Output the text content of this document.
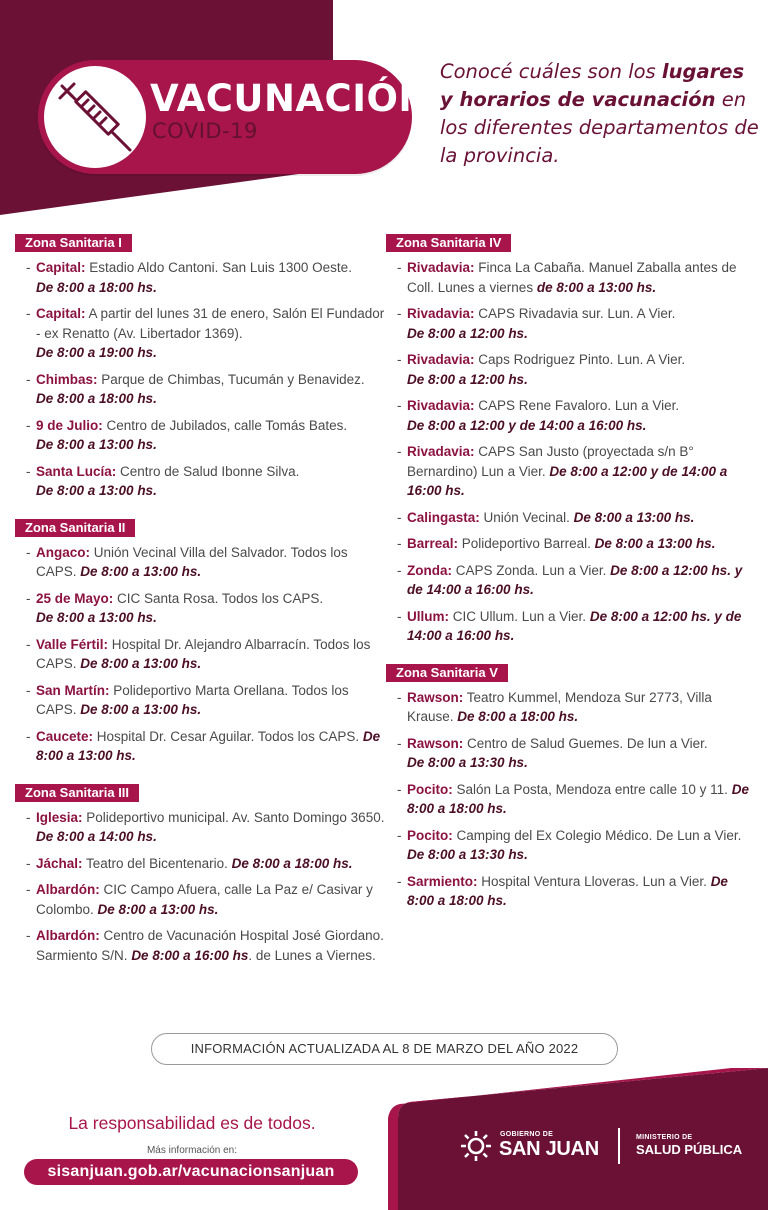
VACUNACIÓN
COVID-19
Conocé cuáles son los lugares y horarios de vacunación en los diferentes departamentos de la provincia.
Zona Sanitaria I
- Capital: Estadio Aldo Cantoni. San Luis 1300 Oeste.
De 8:00 a 18:00 hs.
- Capital: A partir del lunes 31 de enero, Salón El Fundador - ex Renatto (Av. Libertador 1369).
De 8:00 a 19:00 hs.
- Chimbas: Parque de Chimbas, Tucumán y Benavidez. De 8:00 a 18:00 hs.
- 9 de Julio: Centro de Jubilados, calle Tomás Bates.
De 8:00 a 13:00 hs.
- Santa Lucía: Centro de Salud Ibonne Silva.
De 8:00 a 13:00 hs.
Zona Sanitaria II
- Angaco: Unión Vecinal Villa del Salvador. Todos los CAPS. De 8:00 a 13:00 hs.
- 25 de Mayo: CIC Santa Rosa. Todos los CAPS.
De 8:00 a 13:00 hs.
- Valle Fértil: Hospital Dr. Alejandro Albarracín. Todos los CAPS. De 8:00 a 13:00 hs.
- San Martín: Polideportivo Marta Orellana. Todos los CAPS. De 8:00 a 13:00 hs.
- Caucete: Hospital Dr. Cesar Aguilar. Todos los CAPS. De 8:00 a 13:00 hs.
Zona Sanitaria III
- Iglesia: Polideportivo municipal. Av. Santo Domingo 3650. De 8:00 a 14:00 hs.
- Jáchal: Teatro del Bicentenario. De 8:00 a 18:00 hs.
- Albardón: CIC Campo Afuera, calle La Paz e/ Casivar y Colombo. De 8:00 a 13:00 hs.
- Albardón: Centro de Vacunación Hospital José Giordano. Sarmiento S/N. De 8:00 a 16:00 hs. de Lunes a Viernes.
Zona Sanitaria IV
- Rivadavia: Finca La Cabaña. Manuel Zaballa antes de Coll. Lunes a viernes de 8:00 a 13:00 hs.
- Rivadavia: CAPS Rivadavia sur. Lun. A Vier.
De 8:00 a 12:00 hs.
- Rivadavia: Caps Rodriguez Pinto. Lun. A Vier.
De 8:00 a 12:00 hs.
- Rivadavia: CAPS Rene Favaloro. Lun a Vier.
De 8:00 a 12:00 y de 14:00 a 16:00 hs.
- Rivadavia: CAPS San Justo (proyectada s/n B° Bernardino) Lun a Vier. De 8:00 a 12:00 y de 14:00 a 16:00 hs.
- Calingasta: Unión Vecinal. De 8:00 a 13:00 hs.
- Barreal: Polideportivo Barreal. De 8:00 a 13:00 hs.
- Zonda: CAPS Zonda. Lun a Vier. De 8:00 a 12:00 hs. y de 14:00 a 16:00 hs.
- Ullum: CIC Ullum. Lun a Vier. De 8:00 a 12:00 hs. y de 14:00 a 16:00 hs.
Zona Sanitaria V
- Rawson: Teatro Kummel, Mendoza Sur 2773, Villa Krause. De 8:00 a 18:00 hs.
- Rawson: Centro de Salud Guemes. De lun a Vier.
De 8:00 a 13:30 hs.
- Pocito: Salón La Posta, Mendoza entre calle 10 y 11. De 8:00 a 18:00 hs.
- Pocito: Camping del Ex Colegio Médico. De Lun a Vier. De 8:00 a 13:30 hs.
- Sarmiento: Hospital Ventura Lloveras. Lun a Vier. De 8:00 a 18:00 hs.
INFORMACIÓN ACTUALIZADA AL 8 DE MARZO DEL AÑO 2022
La responsabilidad es de todos.
Más información en:
sisanjuan.gob.ar/vacunacionsanjuan
GOBIERNO DE
SAN JUAN
MINISTERIO DE
SALUD PÚBLICA
